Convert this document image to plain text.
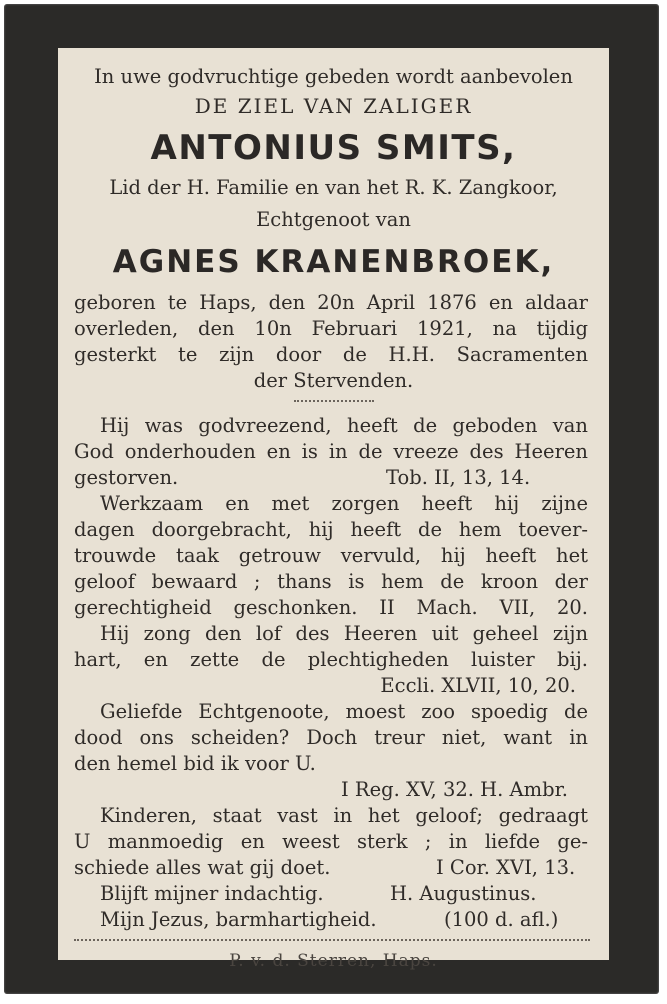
In uwe godvruchtige gebeden wordt aanbevolen
DE ZIEL VAN ZALIGER
ANTONIUS SMITS,
Lid der H. Familie en van het R. K. Zangkoor,
Echtgenoot van
AGNES KRANENBROEK,
geboren te Haps, den 20n April 1876 en aldaar
overleden, den 10n Februari 1921, na tijdig
gesterkt te zijn door de H.H. Sacramenten
der Stervenden.
Hij was godvreezend, heeft de geboden van
God onderhouden en is in de vreeze des Heeren
gestorven.	Tob. II, 13, 14.
Werkzaam en met zorgen heeft hij zijne
dagen doorgebracht, hij heeft de hem toever-
trouwde taak getrouw vervuld, hij heeft het
geloof bewaard ; thans is hem de kroon der
gerechtigheid geschonken. II Mach. VII, 20.
Hij zong den lof des Heeren uit geheel zijn
hart, en zette de plechtigheden luister bij.
Eccli. XLVII, 10, 20.
Geliefde Echtgenoote, moest zoo spoedig de
dood ons scheiden? Doch treur niet, want in
den hemel bid ik voor U.
I Reg. XV, 32. H. Ambr.
Kinderen, staat vast in het geloof; gedraagt
U manmoedig en weest sterk ; in liefde ge-
schiede alles wat gij doet.	I Cor. XVI, 13.
Blijft mijner indachtig.	H. Augustinus.
Mijn Jezus, barmhartigheid.	(100 d. afl.)
P. v. d. Sterren, Haps.
